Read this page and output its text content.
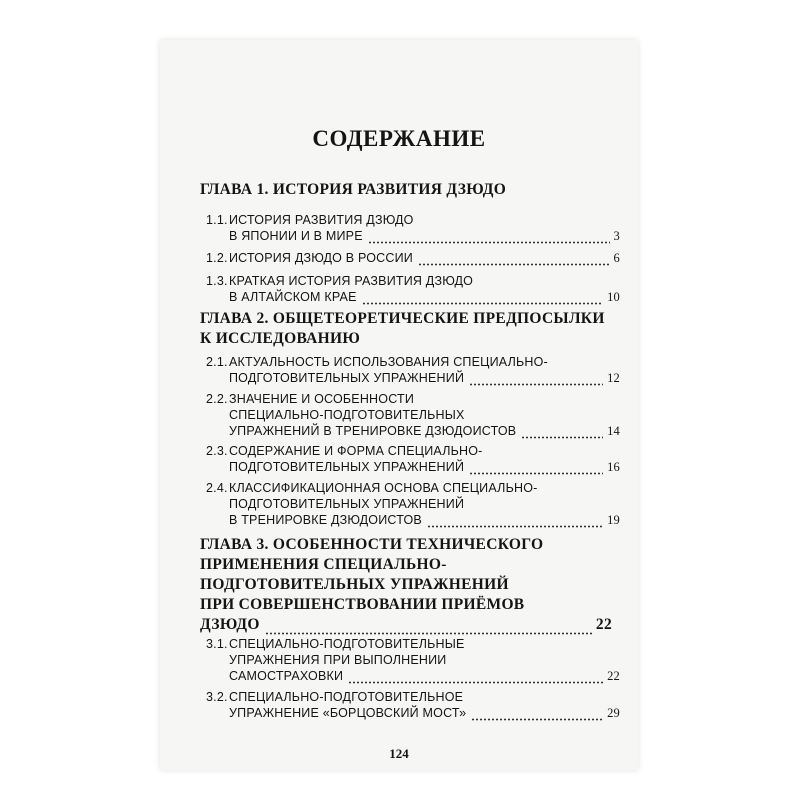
СОДЕРЖАНИЕ
ГЛАВА 1. ИСТОРИЯ РАЗВИТИЯ ДЗЮДО
1.1. ИСТОРИЯ РАЗВИТИЯ ДЗЮДО
В ЯПОНИИ И В МИРЕ	3
1.2. ИСТОРИЯ ДЗЮДО В РОССИИ	6
1.3. КРАТКАЯ ИСТОРИЯ РАЗВИТИЯ ДЗЮДО
В АЛТАЙСКОМ КРАЕ	10
ГЛАВА 2. ОБЩЕТЕОРЕТИЧЕСКИЕ ПРЕДПОСЫЛКИ
К ИССЛЕДОВАНИЮ
2.1. АКТУАЛЬНОСТЬ ИСПОЛЬЗОВАНИЯ СПЕЦИАЛЬНО-
ПОДГОТОВИТЕЛЬНЫХ УПРАЖНЕНИЙ	12
2.2. ЗНАЧЕНИЕ И ОСОБЕННОСТИ
СПЕЦИАЛЬНО-ПОДГОТОВИТЕЛЬНЫХ
УПРАЖНЕНИЙ В ТРЕНИРОВКЕ ДЗЮДОИСТОВ	14
2.3. СОДЕРЖАНИЕ И ФОРМА СПЕЦИАЛЬНО-
ПОДГОТОВИТЕЛЬНЫХ УПРАЖНЕНИЙ	16
2.4. КЛАССИФИКАЦИОННАЯ ОСНОВА СПЕЦИАЛЬНО-
ПОДГОТОВИТЕЛЬНЫХ УПРАЖНЕНИЙ
В ТРЕНИРОВКЕ ДЗЮДОИСТОВ	19
ГЛАВА 3. ОСОБЕННОСТИ ТЕХНИЧЕСКОГО
ПРИМЕНЕНИЯ СПЕЦИАЛЬНО-
ПОДГОТОВИТЕЛЬНЫХ УПРАЖНЕНИЙ
ПРИ СОВЕРШЕНСТВОВАНИИ ПРИЁМОВ
ДЗЮДО	22
3.1. СПЕЦИАЛЬНО-ПОДГОТОВИТЕЛЬНЫЕ
УПРАЖНЕНИЯ ПРИ ВЫПОЛНЕНИИ
САМОСТРАХОВКИ	22
3.2. СПЕЦИАЛЬНО-ПОДГОТОВИТЕЛЬНОЕ
УПРАЖНЕНИЕ «БОРЦОВСКИЙ МОСТ»	29
124
